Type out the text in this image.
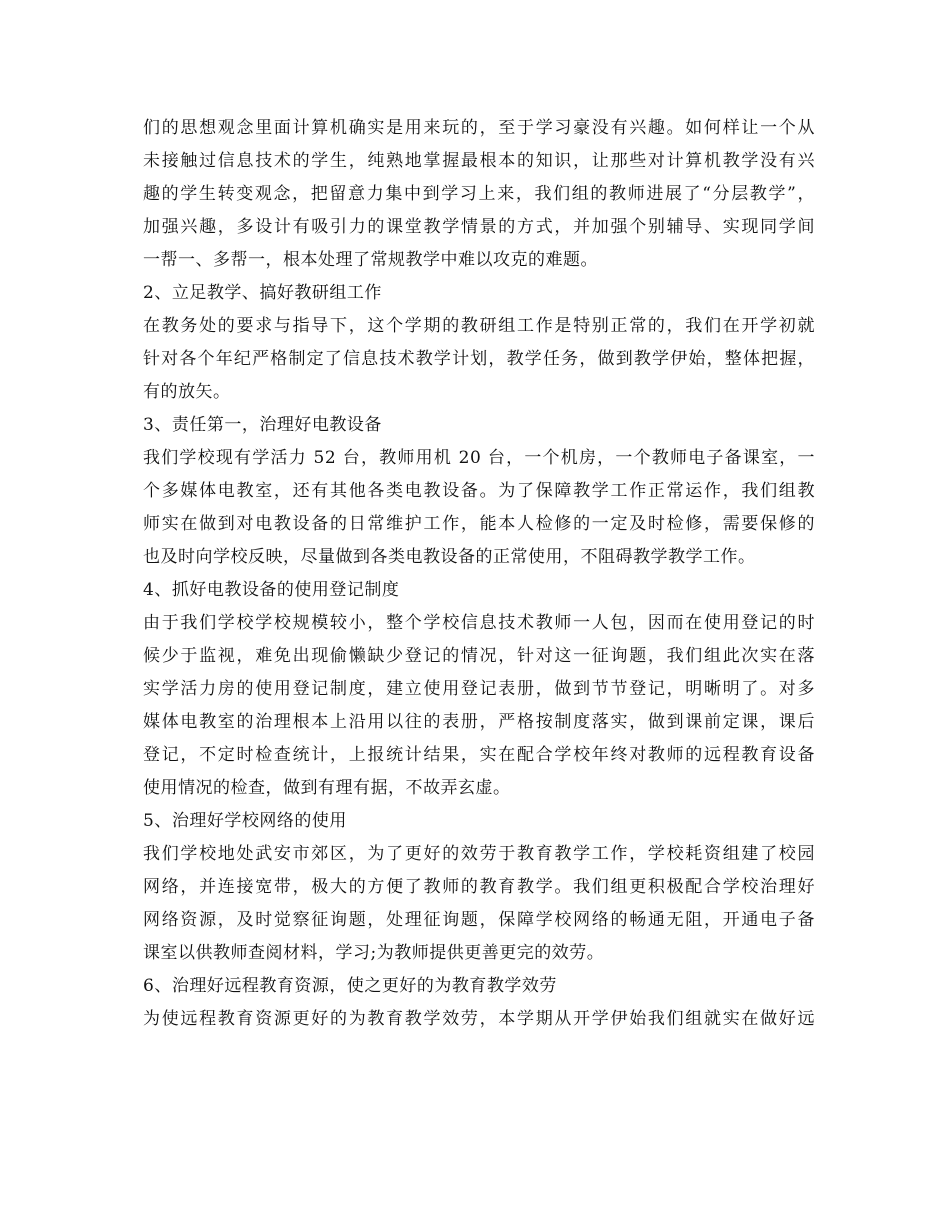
们的思想观念里面计算机确实是用来玩的，至于学习豪没有兴趣。如何样让一个从
未接触过信息技术的学生，纯熟地掌握最根本的知识，让那些对计算机教学没有兴
趣的学生转变观念，把留意力集中到学习上来，我们组的教师进展了“分层教学”，
加强兴趣，多设计有吸引力的课堂教学情景的方式，并加强个别辅导、实现同学间
一帮一、多帮一，根本处理了常规教学中难以攻克的难题。
2、立足教学、搞好教研组工作
在教务处的要求与指导下，这个学期的教研组工作是特别正常的，我们在开学初就
针对各个年纪严格制定了信息技术教学计划，教学任务，做到教学伊始，整体把握，
有的放矢。
3、责任第一，治理好电教设备
我们学校现有学活力 52 台，教师用机 20 台，一个机房，一个教师电子备课室，一
个多媒体电教室，还有其他各类电教设备。为了保障教学工作正常运作，我们组教
师实在做到对电教设备的日常维护工作，能本人检修的一定及时检修，需要保修的
也及时向学校反映，尽量做到各类电教设备的正常使用，不阻碍教学教学工作。
4、抓好电教设备的使用登记制度
由于我们学校学校规模较小，整个学校信息技术教师一人包，因而在使用登记的时
候少于监视，难免出现偷懒缺少登记的情况，针对这一征询题，我们组此次实在落
实学活力房的使用登记制度，建立使用登记表册，做到节节登记，明晰明了。对多
媒体电教室的治理根本上沿用以往的表册，严格按制度落实，做到课前定课，课后
登记，不定时检查统计，上报统计结果，实在配合学校年终对教师的远程教育设备
使用情况的检查，做到有理有据，不故弄玄虚。
5、治理好学校网络的使用
我们学校地处武安市郊区，为了更好的效劳于教育教学工作，学校耗资组建了校园
网络，并连接宽带，极大的方便了教师的教育教学。我们组更积极配合学校治理好
网络资源，及时觉察征询题，处理征询题，保障学校网络的畅通无阻，开通电子备
课室以供教师查阅材料，学习;为教师提供更善更完的效劳。
6、治理好远程教育资源，使之更好的为教育教学效劳
为使远程教育资源更好的为教育教学效劳，本学期从开学伊始我们组就实在做好远
